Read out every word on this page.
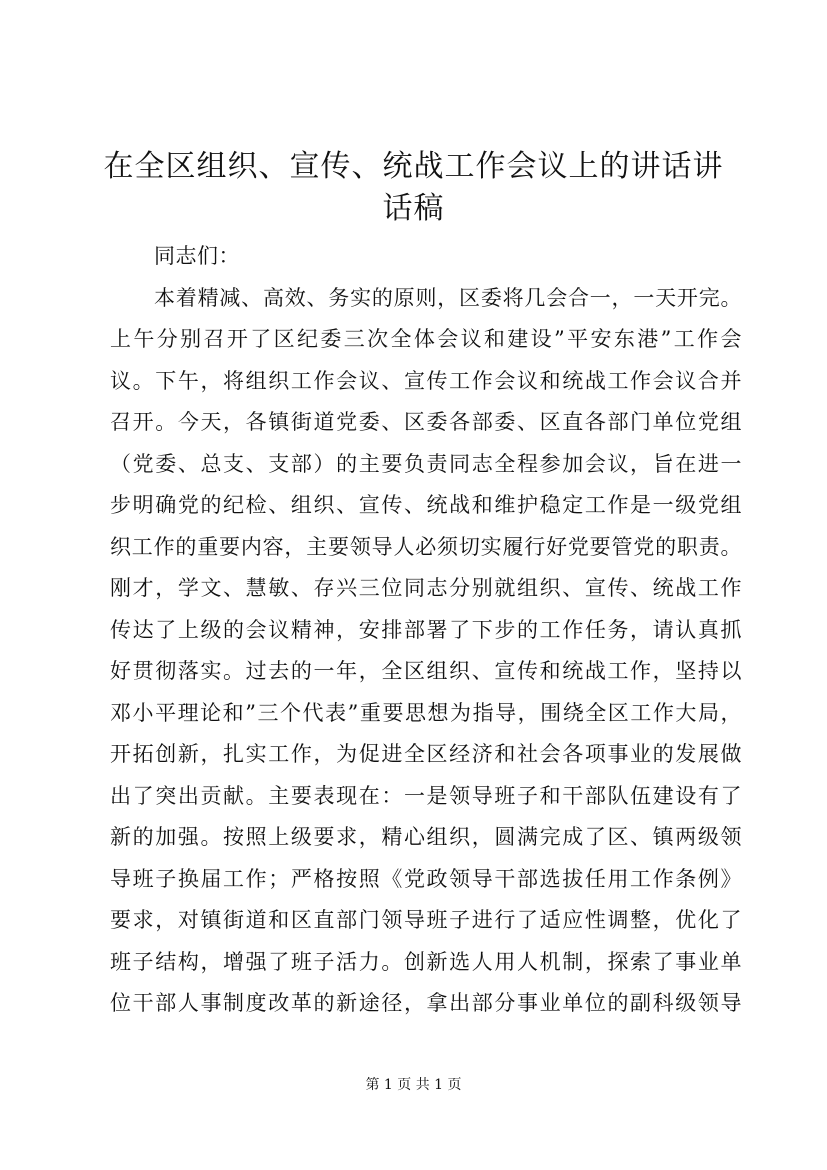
在全区组织、宣传、统战工作会议上的讲话讲
话稿
同志们：
本着精减、高效、务实的原则，区委将几会合一，一天开完。
上午分别召开了区纪委三次全体会议和建设”平安东港”工作会
议。下午，将组织工作会议、宣传工作会议和统战工作会议合并
召开。今天，各镇街道党委、区委各部委、区直各部门单位党组
（党委、总支、支部）的主要负责同志全程参加会议，旨在进一
步明确党的纪检、组织、宣传、统战和维护稳定工作是一级党组
织工作的重要内容，主要领导人必须切实履行好党要管党的职责。
刚才，学文、慧敏、存兴三位同志分别就组织、宣传、统战工作
传达了上级的会议精神，安排部署了下步的工作任务，请认真抓
好贯彻落实。过去的一年，全区组织、宣传和统战工作，坚持以
邓小平理论和”三个代表”重要思想为指导，围绕全区工作大局，
开拓创新，扎实工作，为促进全区经济和社会各项事业的发展做
出了突出贡献。主要表现在：一是领导班子和干部队伍建设有了
新的加强。按照上级要求，精心组织，圆满完成了区、镇两级领
导班子换届工作；严格按照《党政领导干部选拔任用工作条例》
要求，对镇街道和区直部门领导班子进行了适应性调整，优化了
班子结构，增强了班子活力。创新选人用人机制，探索了事业单
位干部人事制度改革的新途径，拿出部分事业单位的副科级领导
第 1 页 共 1 页
